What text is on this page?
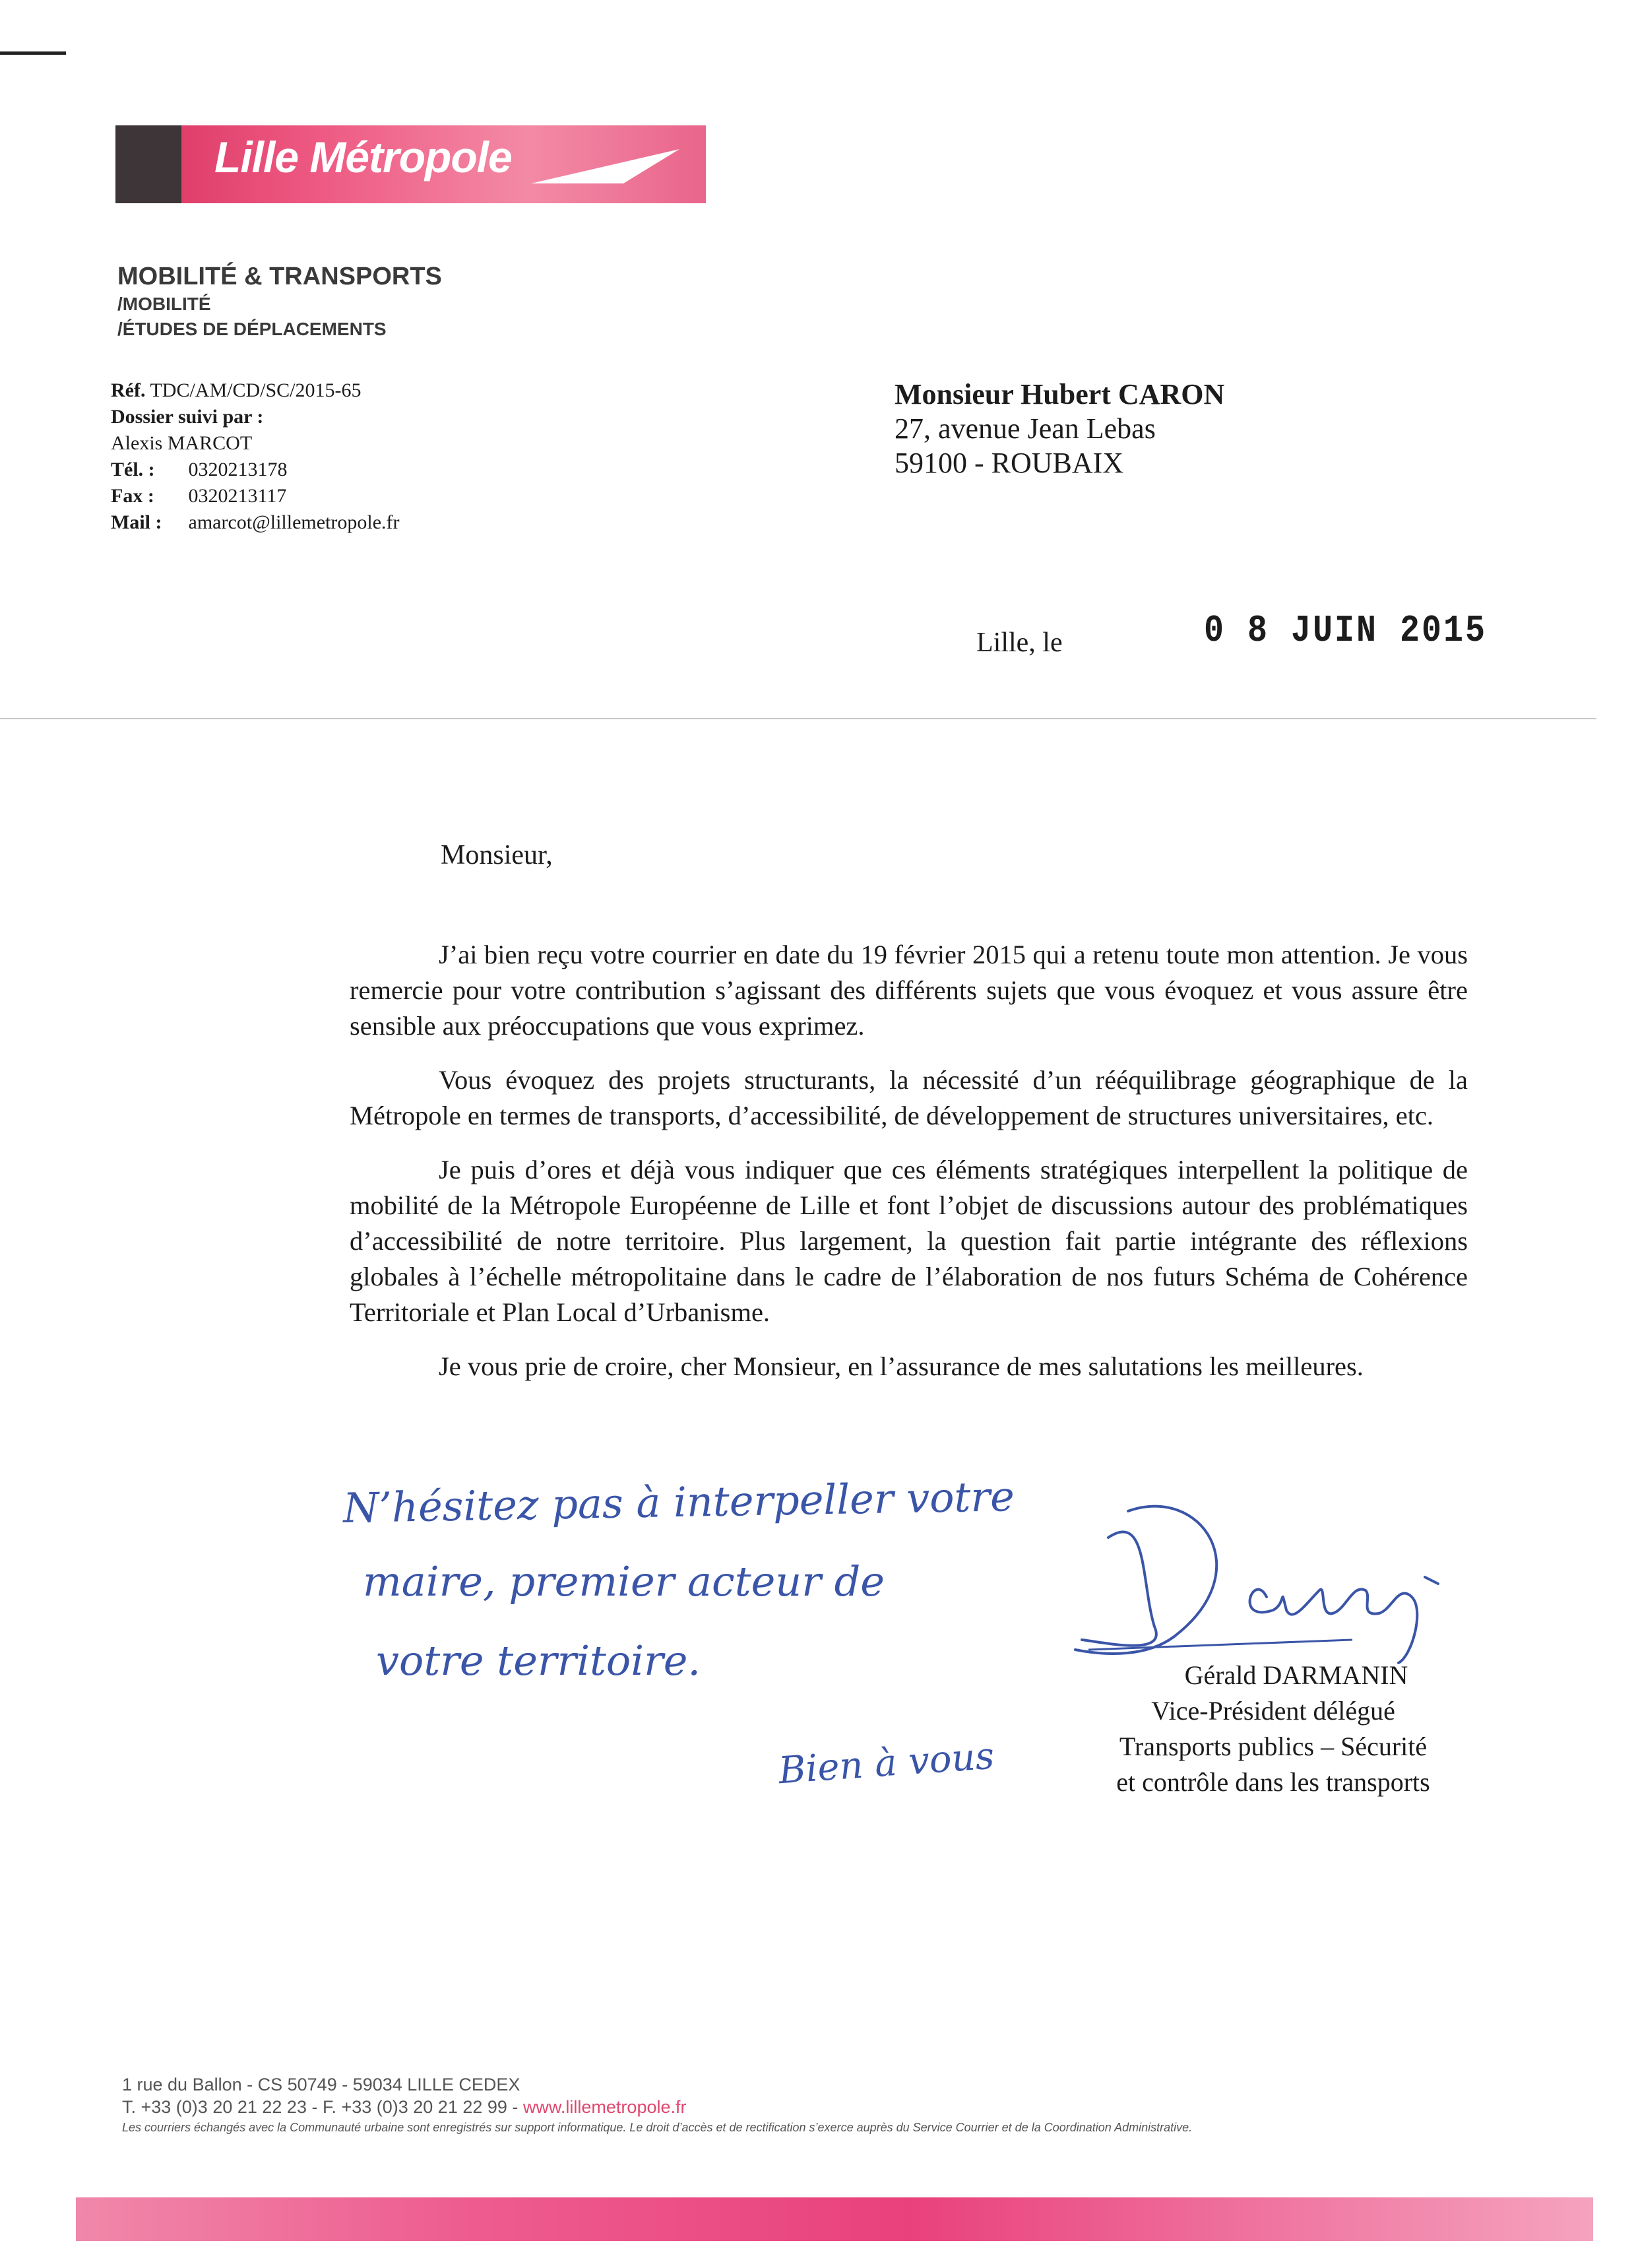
Lille Métropole
MOBILITÉ & TRANSPORTS
/MOBILITÉ
/ÉTUDES DE DÉPLACEMENTS
Réf. TDC/AM/CD/SC/2015-65
Dossier suivi par :
Alexis MARCOT
Tél. : 0320213178
Fax : 0320213117
Mail : amarcot@lillemetropole.fr
Monsieur Hubert CARON
27, avenue Jean Lebas
59100 - ROUBAIX
Lille, le	0 8 JUIN 2015
Monsieur,

J’ai bien reçu votre courrier en date du 19 février 2015 qui a retenu toute mon attention. Je vous remercie pour votre contribution s’agissant des différents sujets que vous évoquez et vous assure être sensible aux préoccupations que vous exprimez.

Vous évoquez des projets structurants, la nécessité d’un rééquilibrage géographique de la Métropole en termes de transports, d’accessibilité, de développement de structures universitaires, etc.

Je puis d’ores et déjà vous indiquer que ces éléments stratégiques interpellent la politique de mobilité de la Métropole Européenne de Lille et font l’objet de discussions autour des problématiques d’accessibilité de notre territoire. Plus largement, la question fait partie intégrante des réflexions globales à l’échelle métropolitaine dans le cadre de l’élaboration de nos futurs Schéma de Cohérence Territoriale et Plan Local d’Urbanisme.

Je vous prie de croire, cher Monsieur, en l’assurance de mes salutations les meilleures.

N’hésitez pas à interpeller votre
maire, premier acteur de
votre territoire.
Bien à vous
Gérald DARMANIN
Vice-Président délégué
Transports publics – Sécurité
et contrôle dans les transports
1 rue du Ballon - CS 50749 - 59034 LILLE CEDEX
T. +33 (0)3 20 21 22 23 - F. +33 (0)3 20 21 22 99 - www.lillemetropole.fr
Les courriers échangés avec la Communauté urbaine sont enregistrés sur support informatique. Le droit d’accès et de rectification s’exerce auprès du Service Courrier et de la Coordination Administrative.
